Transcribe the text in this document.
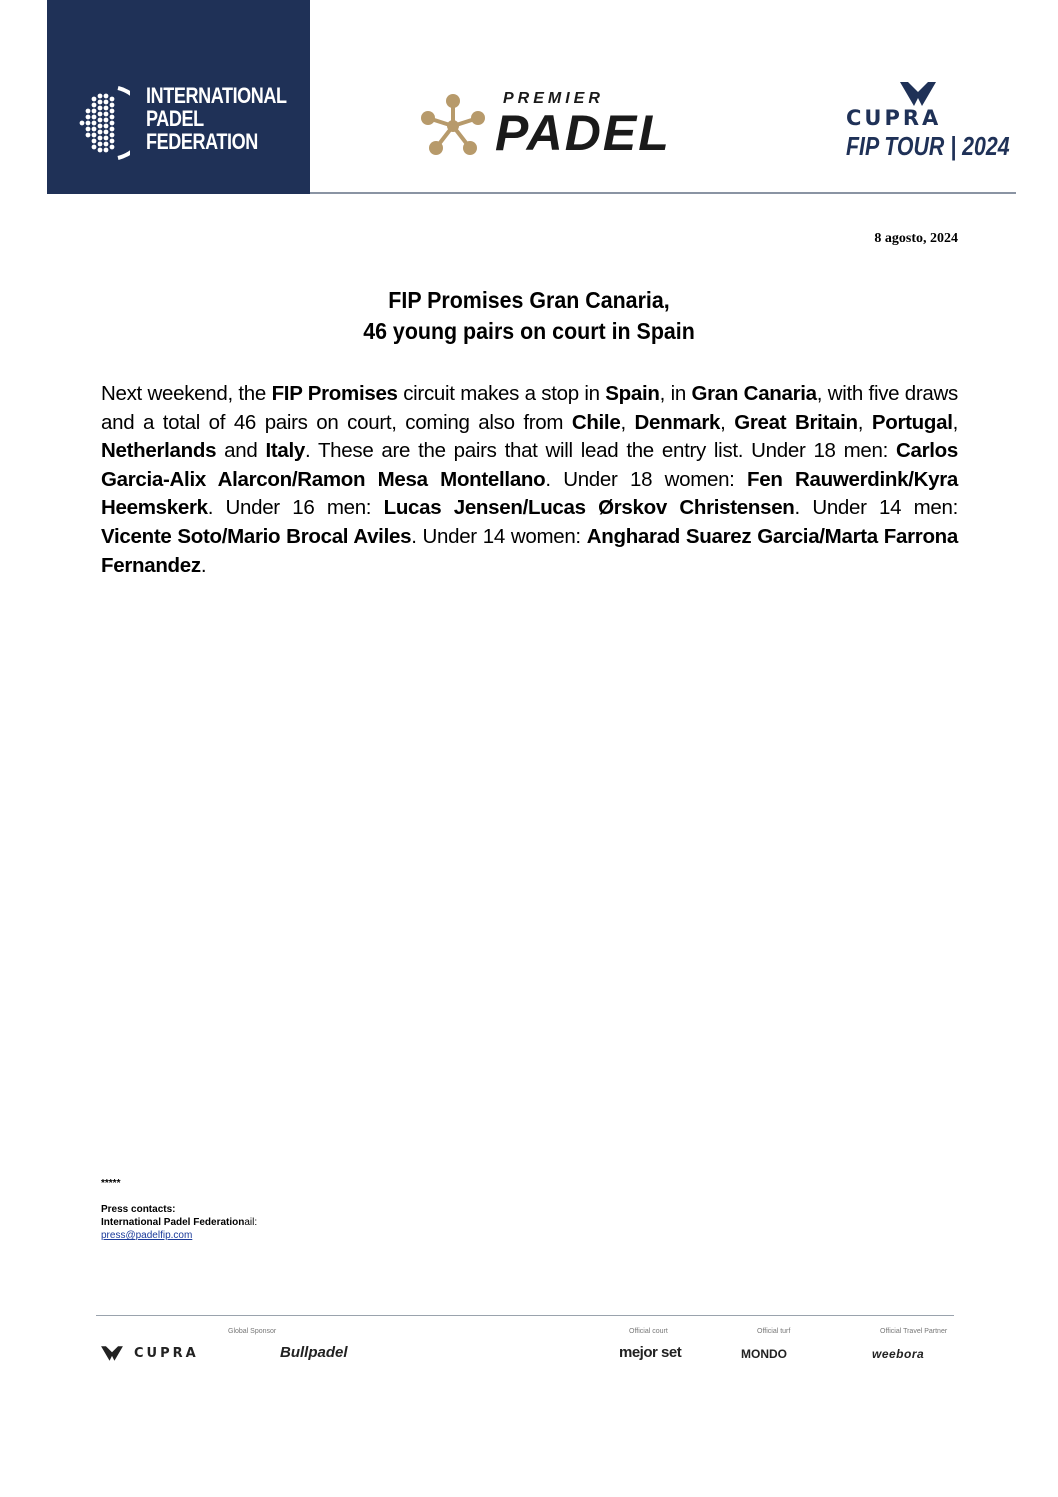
INTERNATIONAL
PADEL
FEDERATION
PREMIER
PADEL	CUPRA
FIP TOUR | 2024
8 agosto, 2024
FIP Promises Gran Canaria,
46 young pairs on court in Spain
Next weekend, the FIP Promises circuit makes a stop in Spain, in Gran Canaria, with five draws and a total of 46 pairs on court, coming also from Chile, Denmark, Great Britain, Portugal, Netherlands and Italy. These are the pairs that will lead the entry list. Under 18 men: Carlos Garcia-Alix Alarcon/Ramon Mesa Montellano. Under 18 women: Fen Rauwerdink/Kyra Heemskerk. Under 16 men: Lucas Jensen/Lucas Ørskov Christensen. Under 14 men: Vicente Soto/Mario Brocal Aviles. Under 14 women: Angharad Suarez Garcia/Marta Farrona Fernandez.
*****
Press contacts:
International Padel Federationail:
press@padelfip.com
Global Sponsor	Official court	Official turf	Official Travel Partner
CUPRA	Bullpadel	mejor set	MONDO	weebora
